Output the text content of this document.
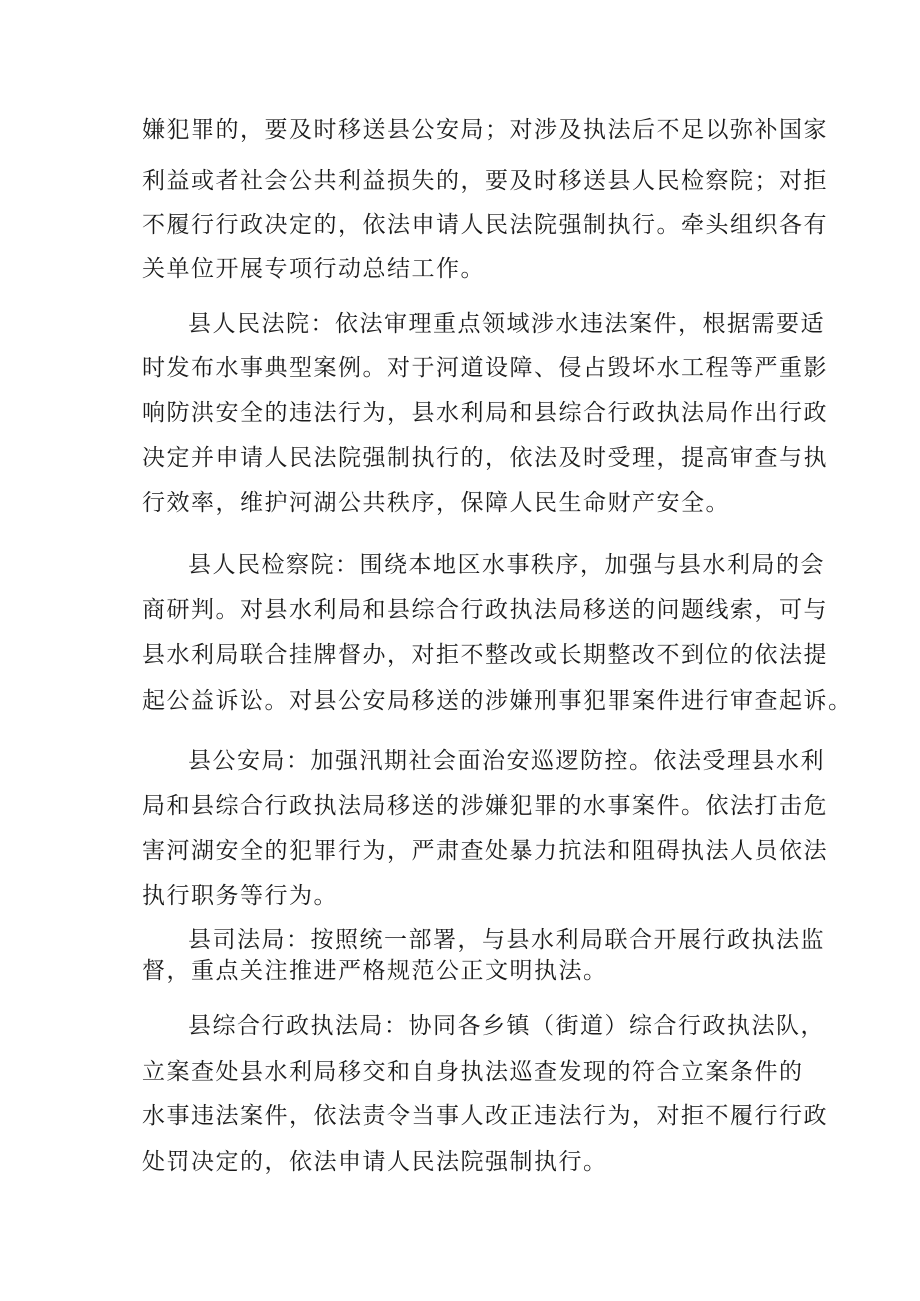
嫌犯罪的，要及时移送县公安局；对涉及执法后不足以弥补国家
利益或者社会公共利益损失的，要及时移送县人民检察院；对拒
不履行行政决定的，依法申请人民法院强制执行。牵头组织各有
关单位开展专项行动总结工作。
县人民法院：依法审理重点领域涉水违法案件，根据需要适
时发布水事典型案例。对于河道设障、侵占毁坏水工程等严重影
响防洪安全的违法行为，县水利局和县综合行政执法局作出行政
决定并申请人民法院强制执行的，依法及时受理，提高审查与执
行效率，维护河湖公共秩序，保障人民生命财产安全。
县人民检察院：围绕本地区水事秩序，加强与县水利局的会
商研判。对县水利局和县综合行政执法局移送的问题线索，可与
县水利局联合挂牌督办，对拒不整改或长期整改不到位的依法提
起公益诉讼。对县公安局移送的涉嫌刑事犯罪案件进行审查起诉。
县公安局：加强汛期社会面治安巡逻防控。依法受理县水利
局和县综合行政执法局移送的涉嫌犯罪的水事案件。依法打击危
害河湖安全的犯罪行为，严肃查处暴力抗法和阻碍执法人员依法
执行职务等行为。
县司法局：按照统一部署，与县水利局联合开展行政执法监
督，重点关注推进严格规范公正文明执法。
县综合行政执法局：协同各乡镇（街道）综合行政执法队，
立案查处县水利局移交和自身执法巡查发现的符合立案条件的
水事违法案件，依法责令当事人改正违法行为，对拒不履行行政
处罚决定的，依法申请人民法院强制执行。
